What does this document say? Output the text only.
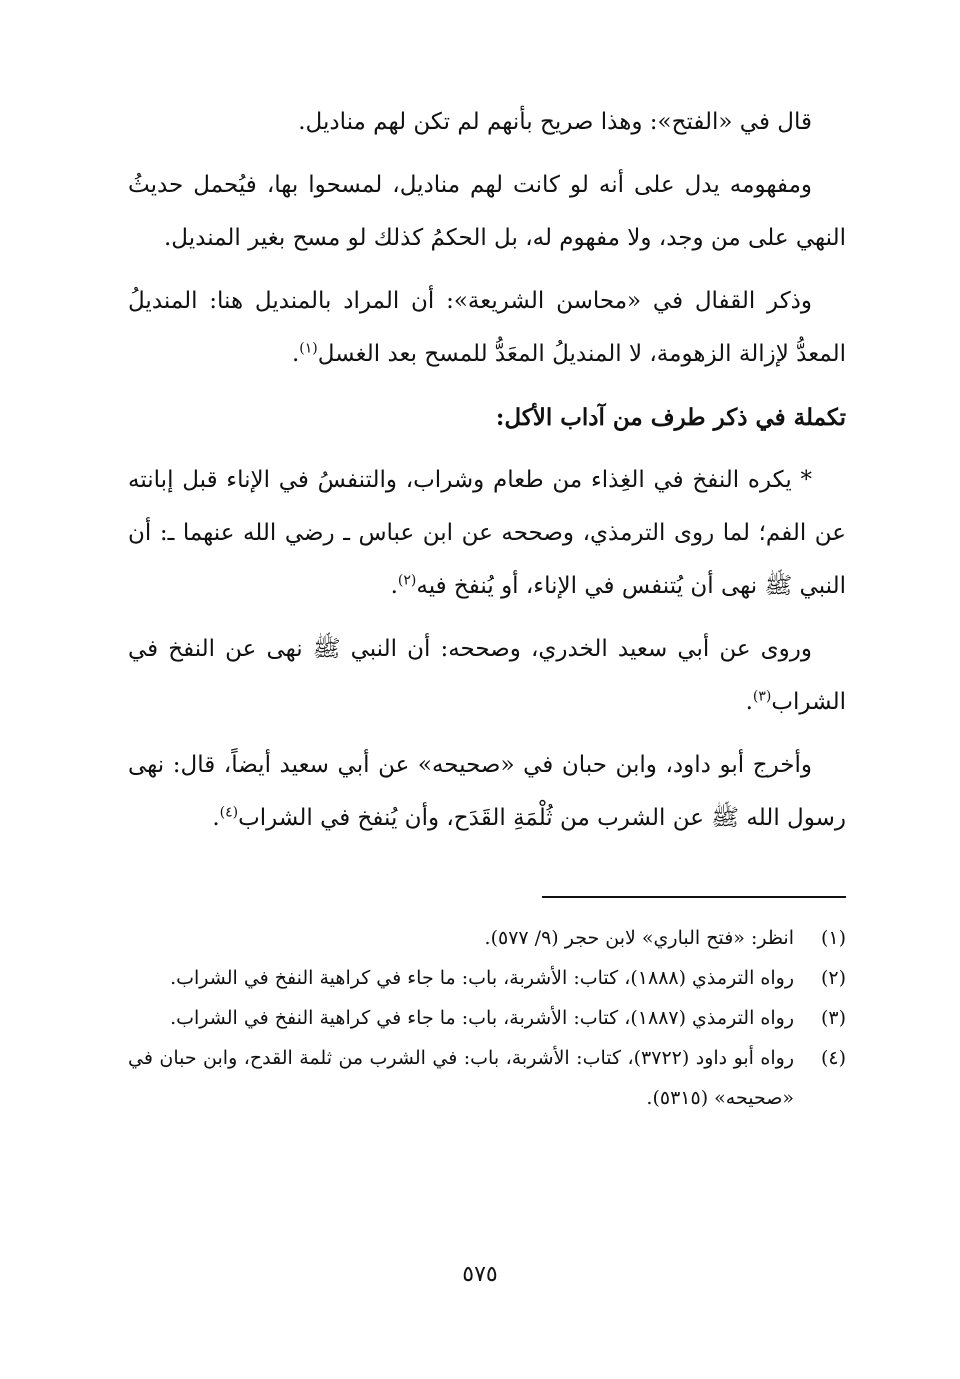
قال في «الفتح»: وهذا صريح بأنهم لم تكن لهم مناديل.

ومفهومه يدل على أنه لو كانت لهم مناديل، لمسحوا بها، فيُحمل حديثُ النهي على من وجد، ولا مفهوم له، بل الحكمُ كذلك لو مسح بغير المنديل.

وذكر القفال في «محاسن الشريعة»: أن المراد بالمنديل هنا: المنديلُ المعدُّ لإزالة الزهومة، لا المنديلُ المعَدُّ للمسح بعد الغسل$^{(١)}$.

تكملة في ذكر طرف من آداب الأكل:

* يكره النفخ في الغِذاء من طعام وشراب، والتنفسُ في الإناء قبل إبانته عن الفم؛ لما روى الترمذي، وصححه عن ابن عباس ـ رضي الله عنهما ـ: أن النبي ﷺ نهى أن يُتنفس في الإناء، أو يُنفخ فيه$^{(٢)}$.

وروى عن أبي سعيد الخدري، وصححه: أن النبي ﷺ نهى عن النفخ في الشراب$^{(٣)}$.

وأخرج أبو داود، وابن حبان في «صحيحه» عن أبي سعيد أيضاً، قال: نهى رسول الله ﷺ عن الشرب من ثُلْمَةِ القَدَح، وأن يُنفخ في الشراب$^{(٤)}$.

(١)
انظر: «فتح الباري» لابن حجر (٩/ ٥٧٧).
(٢)
رواه الترمذي (١٨٨٨)، كتاب: الأشربة، باب: ما جاء في كراهية النفخ في الشراب.
(٣)
رواه الترمذي (١٨٨٧)، كتاب: الأشربة، باب: ما جاء في كراهية النفخ في الشراب.
(٤)
رواه أبو داود (٣٧٢٢)، كتاب: الأشربة، باب: في الشرب من ثلمة القدح، وابن حبان في «صحيحه» (٥٣١٥).
٥٧٥
